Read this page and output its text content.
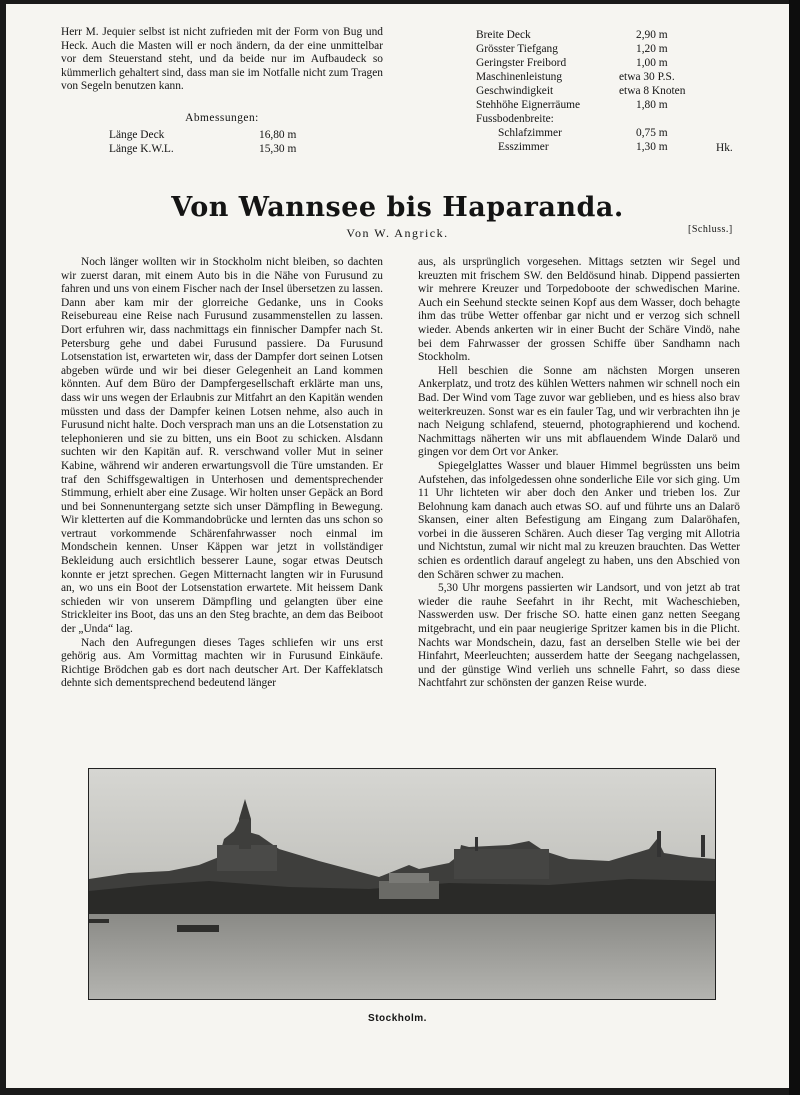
Herr M. Jequier selbst ist nicht zufrieden mit der Form von Bug und Heck. Auch die Masten will er noch ändern, da der eine unmittelbar vor dem Steuerstand steht, und da beide nur im Aufbaudeck so kümmerlich gehaltert sind, dass man sie im Notfalle nicht zum Tragen von Segeln benutzen kann.
Abmessungen:
Länge Deck	16,80 m
Länge K.W.L.	15,30 m
Breite Deck	2,90 m
Grösster Tiefgang	1,20 m
Geringster Freibord	1,00 m
Maschinenleistung	etwa 30 P.S.
Geschwindigkeit	etwa 8 Knoten
Stehhöhe Eignerräume	1,80 m
Fussbodenbreite:
Schlafzimmer	0,75 m
Esszimmer	1,30 m	Hk.
Von Wannsee bis Haparanda.
Von W. Angrick.	[Schluss.]

Noch länger wollten wir in Stockholm nicht bleiben, so dachten wir zuerst daran, mit einem Auto bis in die Nähe von Furusund zu fahren und uns von einem Fischer nach der Insel übersetzen zu lassen. Dann aber kam mir der glorreiche Gedanke, uns in Cooks Reisebureau eine Reise nach Furusund zusammenstellen zu lassen. Dort erfuhren wir, dass nachmittags ein finnischer Dampfer nach St. Petersburg gehe und dabei Furusund passiere. Da Furusund Lotsenstation ist, erwarteten wir, dass der Dampfer dort seinen Lotsen abgeben würde und wir bei dieser Gelegenheit an Land kommen könnten. Auf dem Büro der Dampfergesellschaft erklärte man uns, dass wir uns wegen der Erlaubnis zur Mitfahrt an den Kapitän wenden müssten und dass der Dampfer keinen Lotsen nehme, also auch in Furusund nicht halte. Doch versprach man uns an die Lotsenstation zu telephonieren und sie zu bitten, uns ein Boot zu schicken. Alsdann suchten wir den Kapitän auf. R. verschwand voller Mut in seiner Kabine, während wir anderen erwartungsvoll die Türe umstanden. Er traf den Schiffsgewaltigen in Unterhosen und dementsprechender Stimmung, erhielt aber eine Zusage. Wir holten unser Gepäck an Bord und bei Sonnenuntergang setzte sich unser Dämpfling in Bewegung. Wir kletterten auf die Kommandobrücke und lernten das uns schon so vertraut vorkommende Schärenfahrwasser noch einmal im Mondschein kennen. Unser Käppen war jetzt in vollständiger Bekleidung auch ersichtlich besserer Laune, sogar etwas Deutsch konnte er jetzt sprechen. Gegen Mitternacht langten wir in Furusund an, wo uns ein Boot der Lotsenstation erwartete. Mit heissem Dank schieden wir von unserem Dämpfling und gelangten über eine Strickleiter ins Boot, das uns an den Steg brachte, an dem das Beiboot der „Unda“ lag.

Nach den Aufregungen dieses Tages schliefen wir uns erst gehörig aus. Am Vormittag machten wir in Furusund Einkäufe. Richtige Brödchen gab es dort nach deutscher Art. Der Kaffeklatsch dehnte sich dementsprechend bedeutend länger

aus, als ursprünglich vorgesehen. Mittags setzten wir Segel und kreuzten mit frischem SW. den Beldösund hinab. Dippend passierten wir mehrere Kreuzer und Torpedoboote der schwedischen Marine. Auch ein Seehund steckte seinen Kopf aus dem Wasser, doch behagte ihm das trübe Wetter offenbar gar nicht und er verzog sich schnell wieder. Abends ankerten wir in einer Bucht der Schäre Vindö, nahe bei dem Fahrwasser der grossen Schiffe über Sandhamn nach Stockholm.

Hell beschien die Sonne am nächsten Morgen unseren Ankerplatz, und trotz des kühlen Wetters nahmen wir schnell noch ein Bad. Der Wind vom Tage zuvor war geblieben, und es hiess also brav weiterkreuzen. Sonst war es ein fauler Tag, und wir verbrachten ihn je nach Neigung schlafend, steuernd, photographierend und kochend. Nachmittags näherten wir uns mit abflauendem Winde Dalarö und gingen vor dem Ort vor Anker.

Spiegelglattes Wasser und blauer Himmel begrüssten uns beim Aufstehen, das infolgedessen ohne sonderliche Eile vor sich ging. Um 11 Uhr lichteten wir aber doch den Anker und trieben los. Zur Belohnung kam danach auch etwas SO. auf und führte uns an Dalarö Skansen, einer alten Befestigung am Eingang zum Dalaröhafen, vorbei in die äusseren Schären. Auch dieser Tag verging mit Allotria und Nichtstun, zumal wir nicht mal zu kreuzen brauchten. Das Wetter schien es ordentlich darauf angelegt zu haben, uns den Abschied von den Schären schwer zu machen.

5,30 Uhr morgens passierten wir Landsort, und von jetzt ab trat wieder die rauhe Seefahrt in ihr Recht, mit Wacheschieben, Nasswerden usw. Der frische SO. hatte einen ganz netten Seegang mitgebracht, und ein paar neugierige Spritzer kamen bis in die Plicht. Nachts war Mondschein, dazu, fast an derselben Stelle wie bei der Hinfahrt, Meerleuchten; ausserdem hatte der Seegang nachgelassen, und der günstige Wind verlieh uns schnelle Fahrt, so dass diese Nachtfahrt zur schönsten der ganzen Reise wurde.

Stockholm.
